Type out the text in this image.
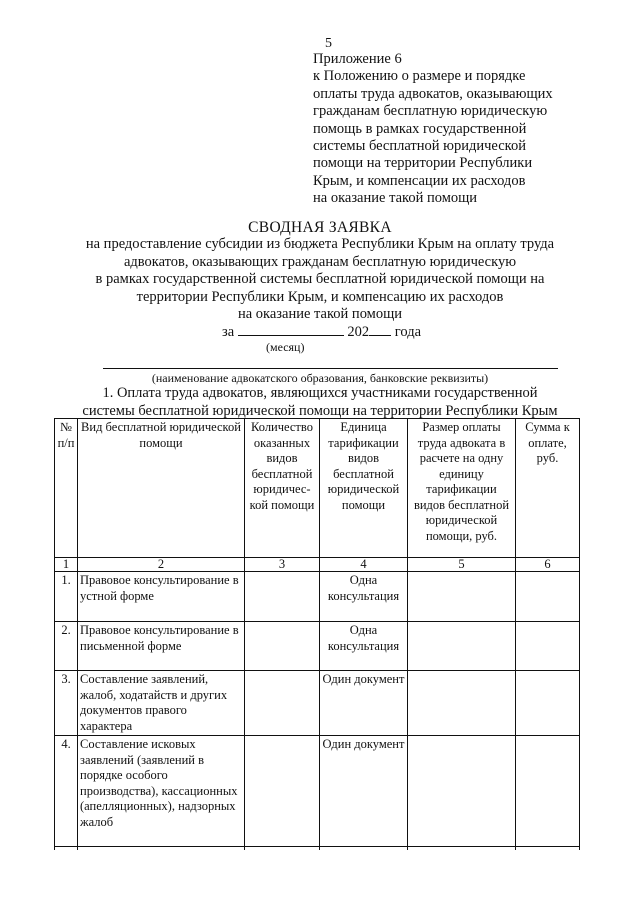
5
Приложение 6
к Положению о размере и порядке
оплаты труда адвокатов, оказывающих
гражданам бесплатную юридическую
помощь в рамках государственной
системы бесплатной юридической
помощи на территории Республики
Крым, и компенсации их расходов
на оказание такой помощи
СВОДНАЯ ЗАЯВКА
на предоставление субсидии из бюджета Республики Крым на оплату труда
адвокатов, оказывающих гражданам бесплатную юридическую
в рамках государственной системы бесплатной юридической помощи на
территории Республики Крым, и компенсацию их расходов
на оказание такой помощи
за	202 года
(месяц)
(наименование адвокатского образования, банковские реквизиты)
1. Оплата труда адвокатов, являющихся участниками государственной
системы бесплатной юридической помощи на территории Республики Крым
№ п/п	Вид бесплатной юридической помощи	Количество оказанных видов бесплатной юридичес-кой помощи	Единица тарификации видов бесплатной юридической помощи	Размер оплаты труда адвоката в расчете на одну единицу тарификации видов бесплатной юридической помощи, руб.	Сумма к оплате, руб.
1	2	3	4	5	6
1.	Правовое консультирование в устной форме		Одна консультация		
2.	Правовое консультирование в письменной форме		Одна консультация		
3.	Составление заявлений, жалоб, ходатайств и других документов правого характера		Один документ		
4.	Составление исковых заявлений (заявлений в порядке особого производства), кассационных (апелляционных), надзорных жалоб		Один документ		
